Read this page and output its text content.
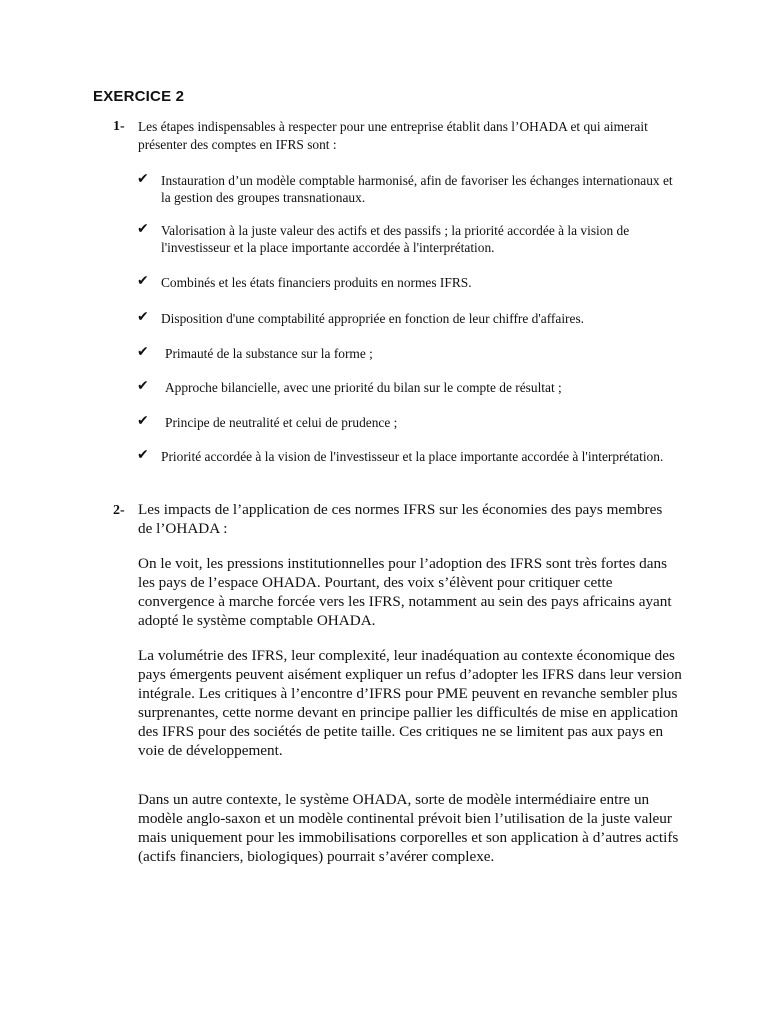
EXERCICE 2
1- Les étapes indispensables à respecter pour une entreprise établit dans l’OHADA et qui aimerait présenter des comptes en IFRS sont :
✔ Instauration d’un modèle comptable harmonisé, afin de favoriser les échanges internationaux et la gestion des groupes transnationaux.
✔ Valorisation à la juste valeur des actifs et des passifs ; la priorité accordée à la vision de l'investisseur et la place importante accordée à l'interprétation.
✔ Combinés et les états financiers produits en normes IFRS.
✔ Disposition d'une comptabilité appropriée en fonction de leur chiffre d'affaires.
✔	Primauté de la substance sur la forme ;
✔	Approche bilancielle, avec une priorité du bilan sur le compte de résultat ;
✔	Principe de neutralité et celui de prudence ;
✔ Priorité accordée à la vision de l'investisseur et la place importante accordée à l'interprétation.
2- Les impacts de l’application de ces normes IFRS sur les économies des pays membres de l’OHADA :
On le voit, les pressions institutionnelles pour l’adoption des IFRS sont très fortes dans les pays de l’espace OHADA. Pourtant, des voix s’élèvent pour critiquer cette convergence à marche forcée vers les IFRS, notamment au sein des pays africains ayant adopté le système comptable OHADA.
La volumétrie des IFRS, leur complexité, leur inadéquation au contexte économique des pays émergents peuvent aisément expliquer un refus d’adopter les IFRS dans leur version intégrale. Les critiques à l’encontre d’IFRS pour PME peuvent en revanche sembler plus surprenantes, cette norme devant en principe pallier les difficultés de mise en application des IFRS pour des sociétés de petite taille. Ces critiques ne se limitent pas aux pays en voie de développement.
Dans un autre contexte, le système OHADA, sorte de modèle intermédiaire entre un modèle anglo-saxon et un modèle continental prévoit bien l’utilisation de la juste valeur mais uniquement pour les immobilisations corporelles et son application à d’autres actifs (actifs financiers, biologiques) pourrait s’avérer complexe.
